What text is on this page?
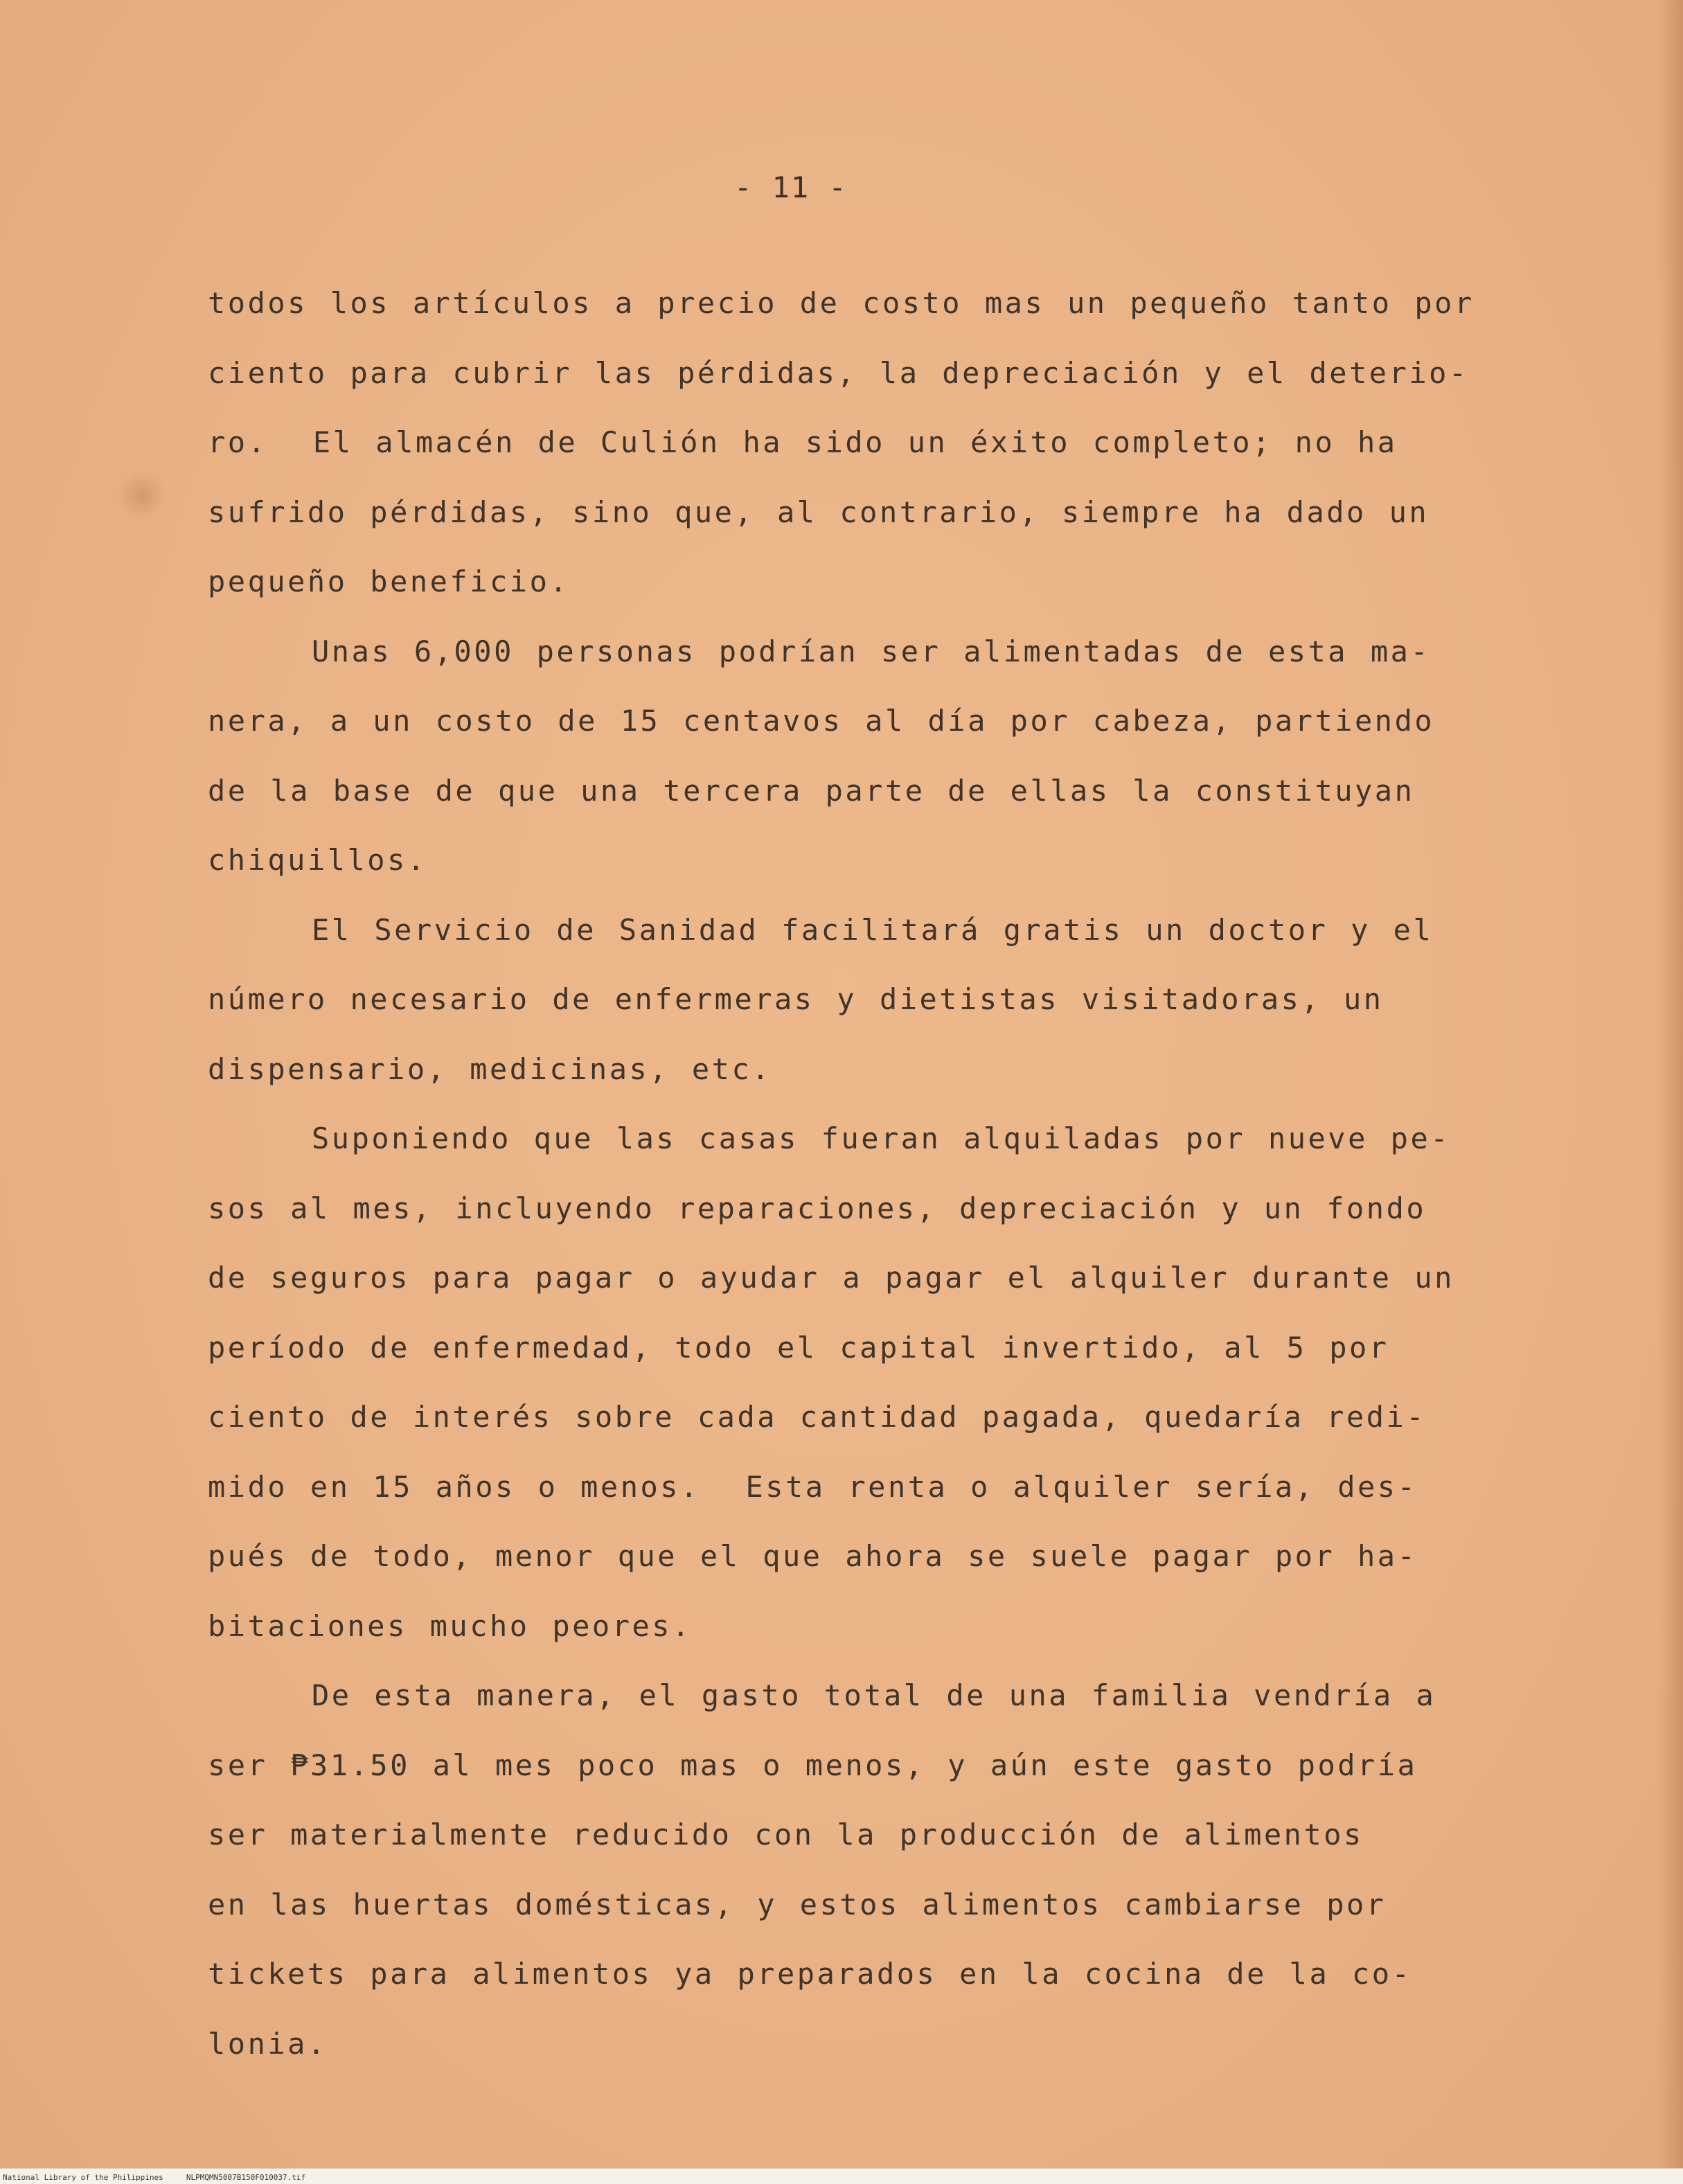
- 11 -
todos los artículos a precio de costo mas un pequeño tanto por
ciento para cubrir las pérdidas, la depreciación y el deterio-
ro.  El almacén de Culión ha sido un éxito completo; no ha
sufrido pérdidas, sino que, al contrario, siempre ha dado un
pequeño beneficio.
Unas 6,000 personas podrían ser alimentadas de esta ma-
nera, a un costo de 15 centavos al día por cabeza, partiendo
de la base de que una tercera parte de ellas la constituyan
chiquillos.
El Servicio de Sanidad facilitará gratis un doctor y el
número necesario de enfermeras y dietistas visitadoras, un
dispensario, medicinas, etc.
Suponiendo que las casas fueran alquiladas por nueve pe-
sos al mes, incluyendo reparaciones, depreciación y un fondo
de seguros para pagar o ayudar a pagar el alquiler durante un
período de enfermedad, todo el capital invertido, al 5 por
ciento de interés sobre cada cantidad pagada, quedaría redi-
mido en 15 años o menos.  Esta renta o alquiler sería, des-
pués de todo, menor que el que ahora se suele pagar por ha-
bitaciones mucho peores.
De esta manera, el gasto total de una familia vendría a
ser ₱31.50 al mes poco mas o menos, y aún este gasto podría
ser materialmente reducido con la producción de alimentos
en las huertas domésticas, y estos alimentos cambiarse por
tickets para alimentos ya preparados en la cocina de la co-
lonia.
National Library of the Philippines     NLPMQMN5007B150F010037.tif
